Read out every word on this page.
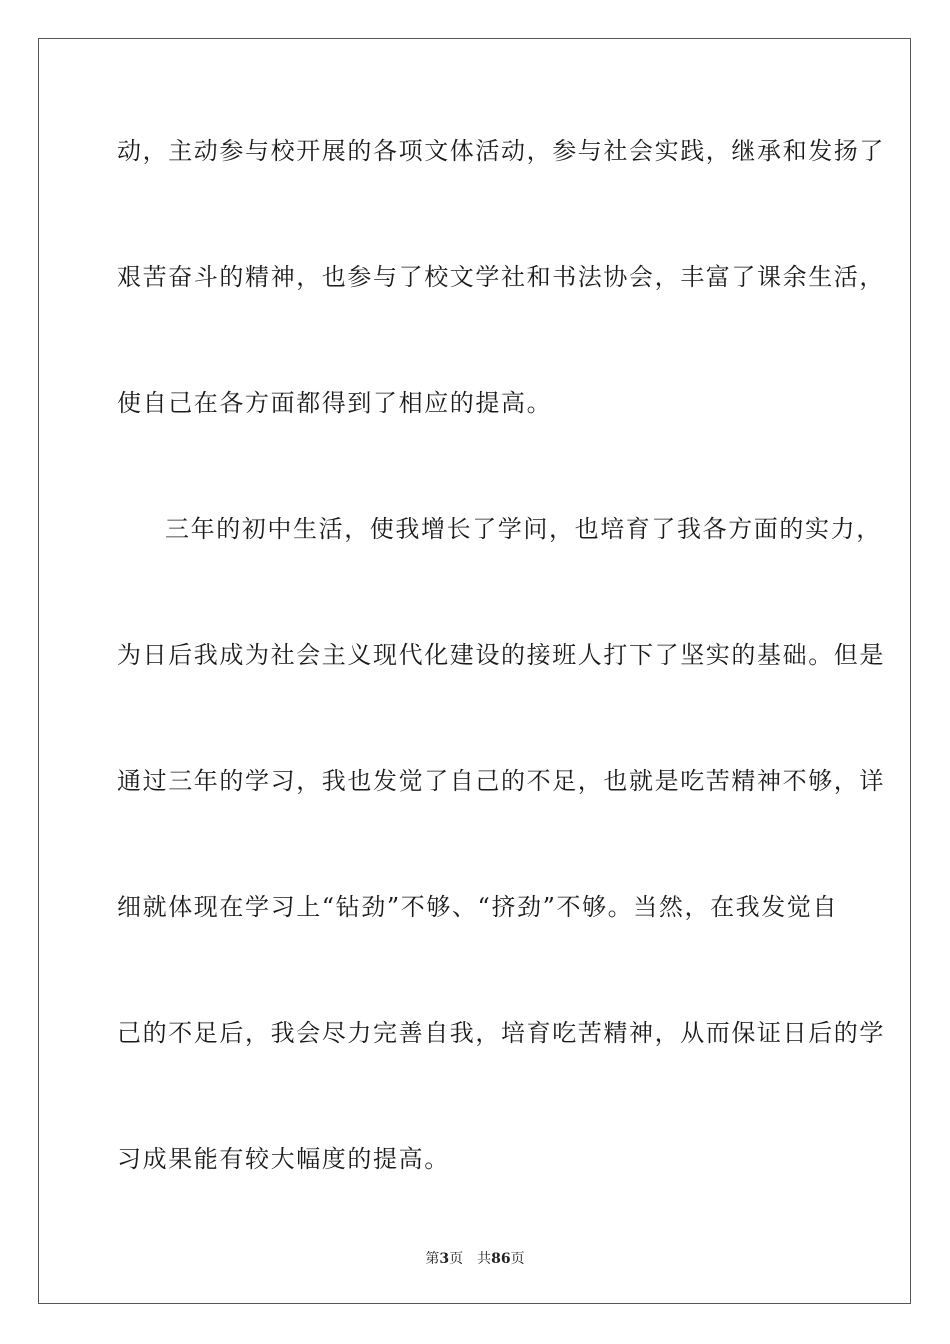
动，主动参与校开展的各项文体活动，参与社会实践，继承和发扬了
艰苦奋斗的精神，也参与了校文学社和书法协会，丰富了课余生活，
使自己在各方面都得到了相应的提高。
三年的初中生活，使我增长了学问，也培育了我各方面的实力，
为日后我成为社会主义现代化建设的接班人打下了坚实的基础。但是
通过三年的学习，我也发觉了自己的不足，也就是吃苦精神不够，详
细就体现在学习上“钻劲”不够、“挤劲”不够。当然，在我发觉自
己的不足后，我会尽力完善自我，培育吃苦精神，从而保证日后的学
习成果能有较大幅度的提高。
第3页 共86页
